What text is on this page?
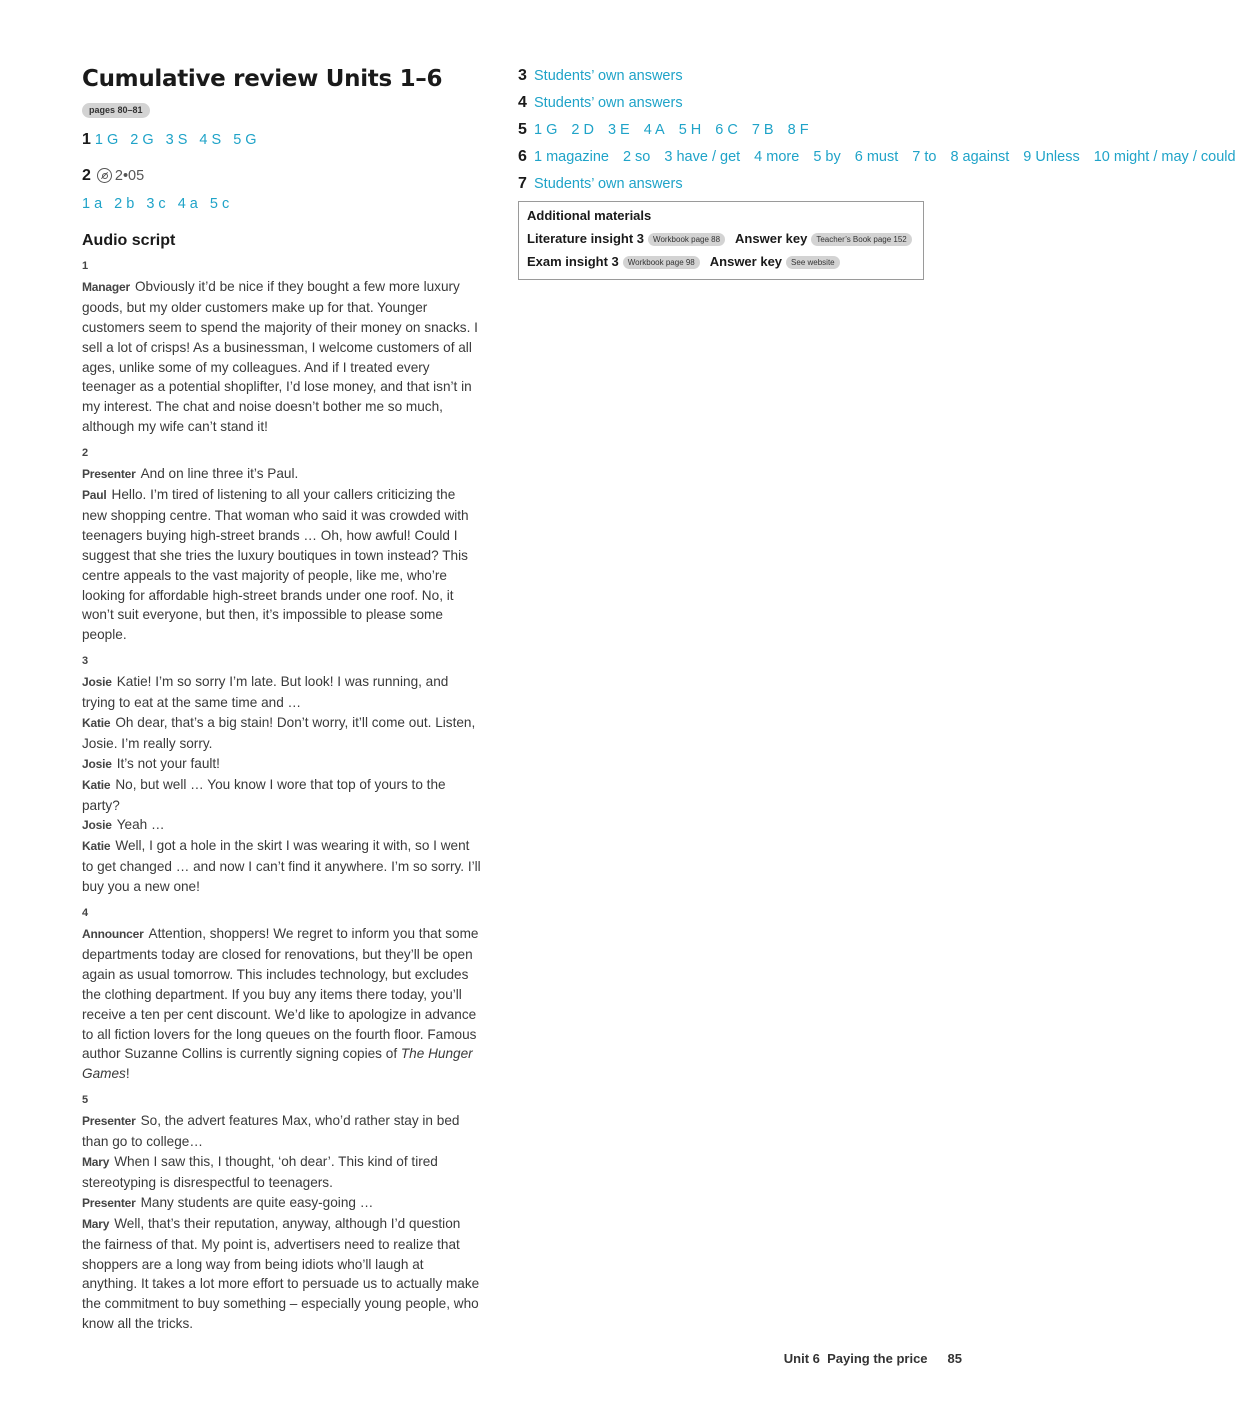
Cumulative review Units 1–6
pages 80–81
1 1 G 2 G 3 S 4 S 5 G
2 2•05
1 a 2 b 3 c 4 a 5 c
Audio script
1
Manager Obviously it’d be nice if they bought a few more luxury goods, but my older customers make up for that. Younger customers seem to spend the majority of their money on snacks. I sell a lot of crisps! As a businessman, I welcome customers of all ages, unlike some of my colleagues. And if I treated every teenager as a potential shoplifter, I’d lose money, and that isn’t in my interest. The chat and noise doesn’t bother me so much, although my wife can’t stand it!
2
Presenter And on line three it’s Paul.
Paul Hello. I’m tired of listening to all your callers criticizing the new shopping centre. That woman who said it was crowded with teenagers buying high-street brands … Oh, how awful! Could I suggest that she tries the luxury boutiques in town instead? This centre appeals to the vast majority of people, like me, who’re looking for affordable high-street brands under one roof. No, it won’t suit everyone, but then, it’s impossible to please some people.
3
Josie Katie! I’m so sorry I’m late. But look! I was running, and trying to eat at the same time and …
Katie Oh dear, that’s a big stain! Don’t worry, it’ll come out. Listen, Josie. I’m really sorry.
Josie It’s not your fault!
Katie No, but well … You know I wore that top of yours to the party?
Josie Yeah …
Katie Well, I got a hole in the skirt I was wearing it with, so I went to get changed … and now I can’t find it anywhere. I’m so sorry. I’ll buy you a new one!
4
Announcer Attention, shoppers! We regret to inform you that some departments today are closed for renovations, but they’ll be open again as usual tomorrow. This includes technology, but excludes the clothing department. If you buy any items there today, you’ll receive a ten per cent discount. We’d like to apologize in advance to all fiction lovers for the long queues on the fourth floor. Famous author Suzanne Collins is currently signing copies of The Hunger Games!
5
Presenter So, the advert features Max, who’d rather stay in bed than go to college…
Mary When I saw this, I thought, ‘oh dear’. This kind of tired stereotyping is disrespectful to teenagers.
Presenter Many students are quite easy-going …
Mary Well, that’s their reputation, anyway, although I’d question the fairness of that. My point is, advertisers need to realize that shoppers are a long way from being idiots who’ll laugh at anything. It takes a lot more effort to persuade us to actually make the commitment to buy something – especially young people, who know all the tricks.
3 Students’ own answers
4 Students’ own answers
5 1 G 2 D 3 E 4 A 5 H 6 C 7 B 8 F
6 1 magazine 2 so 3 have / get 4 more 5 by 6 must 7 to 8 against 9 Unless 10 might / may / could
7 Students’ own answers
Additional materials
Literature insight 3 Workbook page 88 Answer key Teacher’s Book page 152
Exam insight 3 Workbook page 98 Answer key See website
Unit 6 Paying the price 85
